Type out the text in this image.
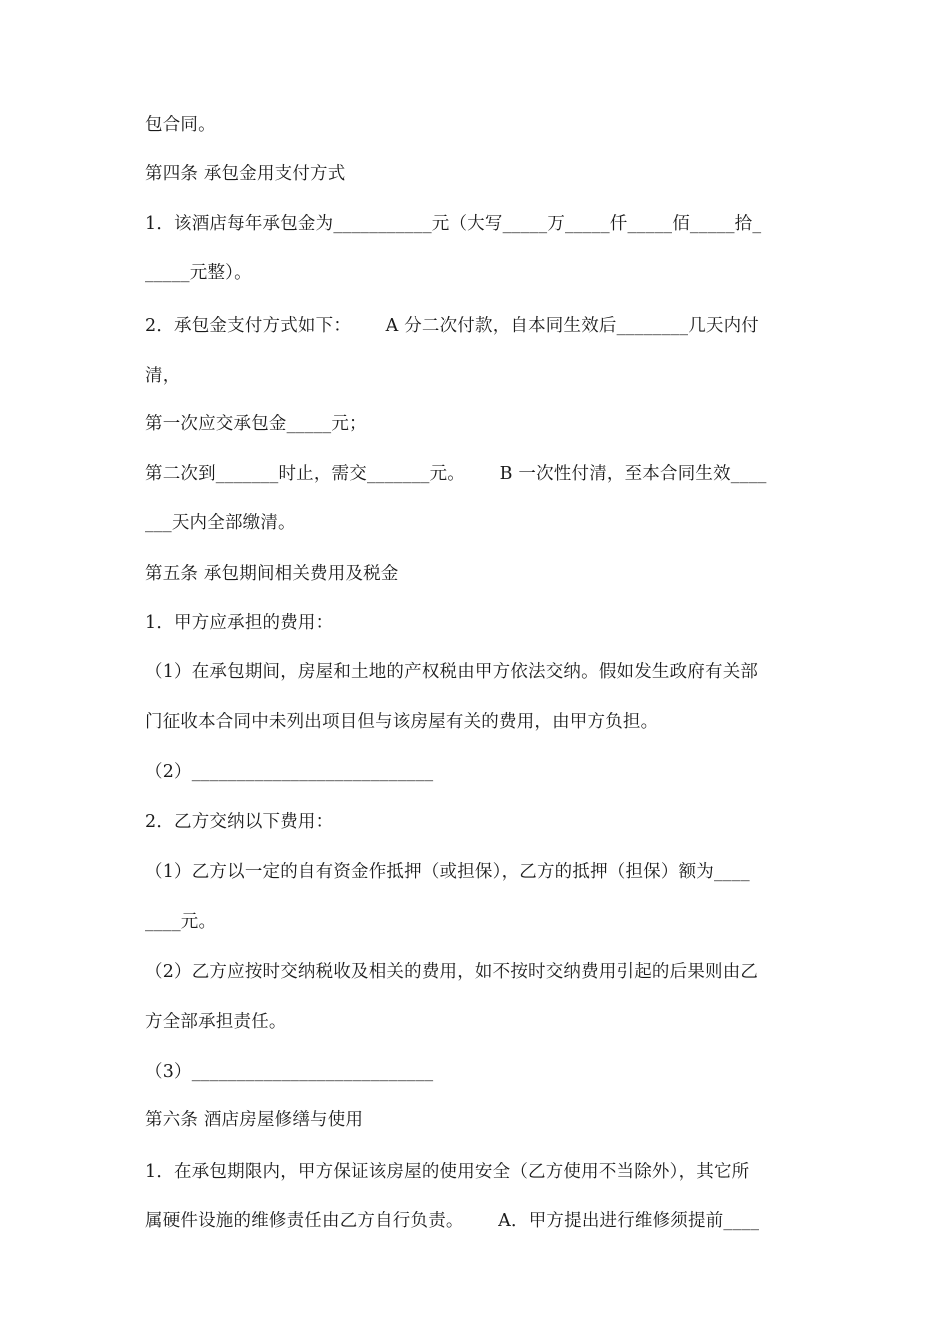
包合同。
第四条 承包金用支付方式
1．该酒店每年承包金为___________元（大写_____万_____仟_____佰_____拾_
_____元整）。
2．承包金支付方式如下：      A 分二次付款，自本同生效后________几天内付
清，
第一次应交承包金_____元；
第二次到_______时止，需交_______元。      B 一次性付清，至本合同生效____
___天内全部缴清。
第五条 承包期间相关费用及税金
1．甲方应承担的费用：
（1）在承包期间，房屋和土地的产权税由甲方依法交纳。假如发生政府有关部
门征收本合同中未列出项目但与该房屋有关的费用，由甲方负担。
（2）___________________________
2．乙方交纳以下费用：
（1）乙方以一定的自有资金作抵押（或担保），乙方的抵押（担保）额为____
____元。
（2）乙方应按时交纳税收及相关的费用，如不按时交纳费用引起的后果则由乙
方全部承担责任。
（3）___________________________
第六条 酒店房屋修缮与使用
1．在承包期限内，甲方保证该房屋的使用安全（乙方使用不当除外），其它所
属硬件设施的维修责任由乙方自行负责。      A．甲方提出进行维修须提前____
